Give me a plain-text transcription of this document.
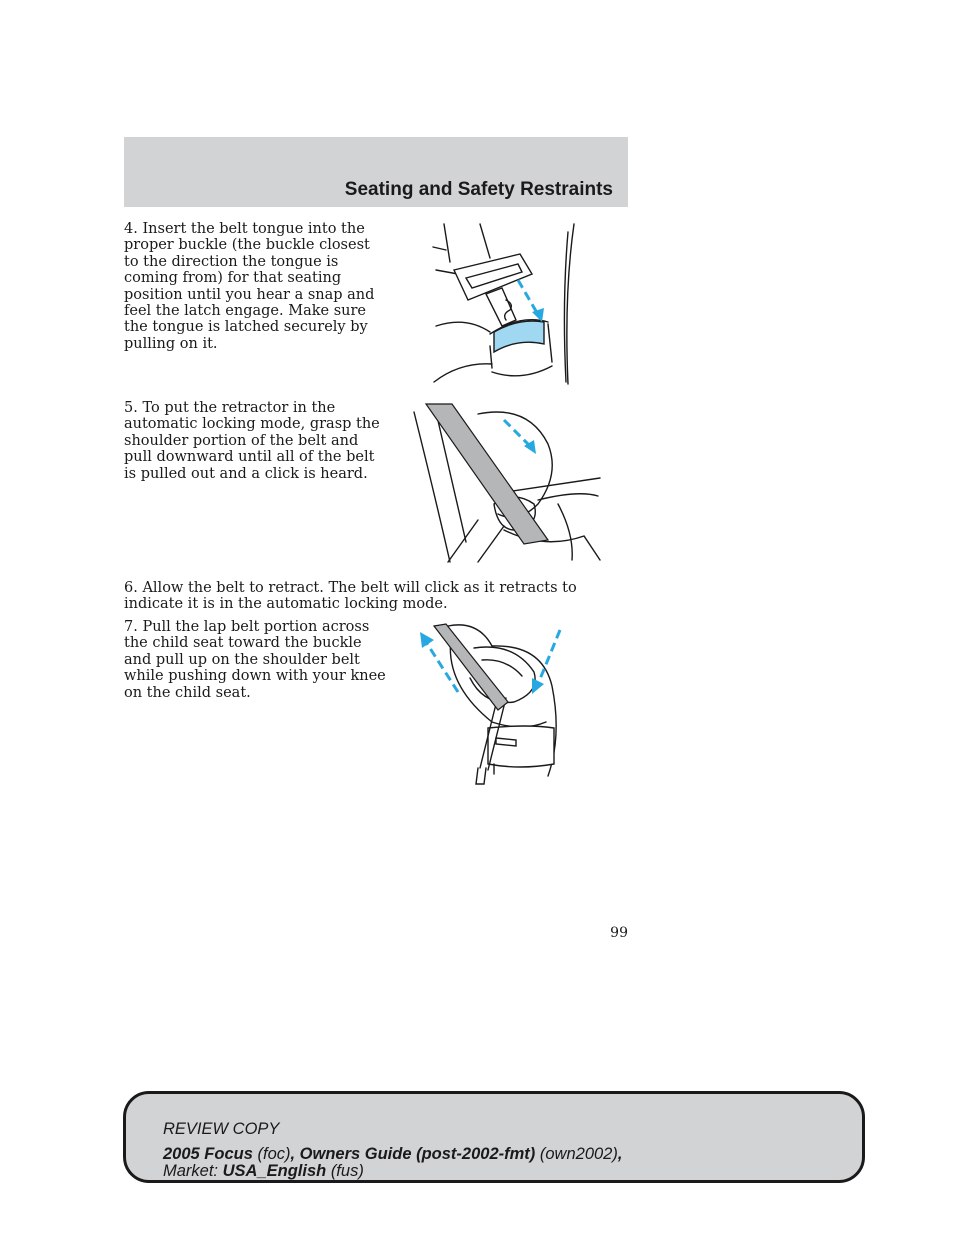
Seating and Safety Restraints

4. Insert the belt tongue into the proper buckle (the buckle closest to the direction the tongue is coming from) for that seating position until you hear a snap and feel the latch engage. Make sure the tongue is latched securely by pulling on it.

5. To put the retractor in the automatic locking mode, grasp the shoulder portion of the belt and pull downward until all of the belt is pulled out and a click is heard.

6. Allow the belt to retract. The belt will click as it retracts to indicate it is in the automatic locking mode.

7. Pull the lap belt portion across the child seat toward the buckle and pull up on the shoulder belt while pushing down with your knee on the child seat.

99
REVIEW COPY
2005 Focus (foc), Owners Guide (post-2002-fmt) (own2002),
Market: USA_English (fus)
